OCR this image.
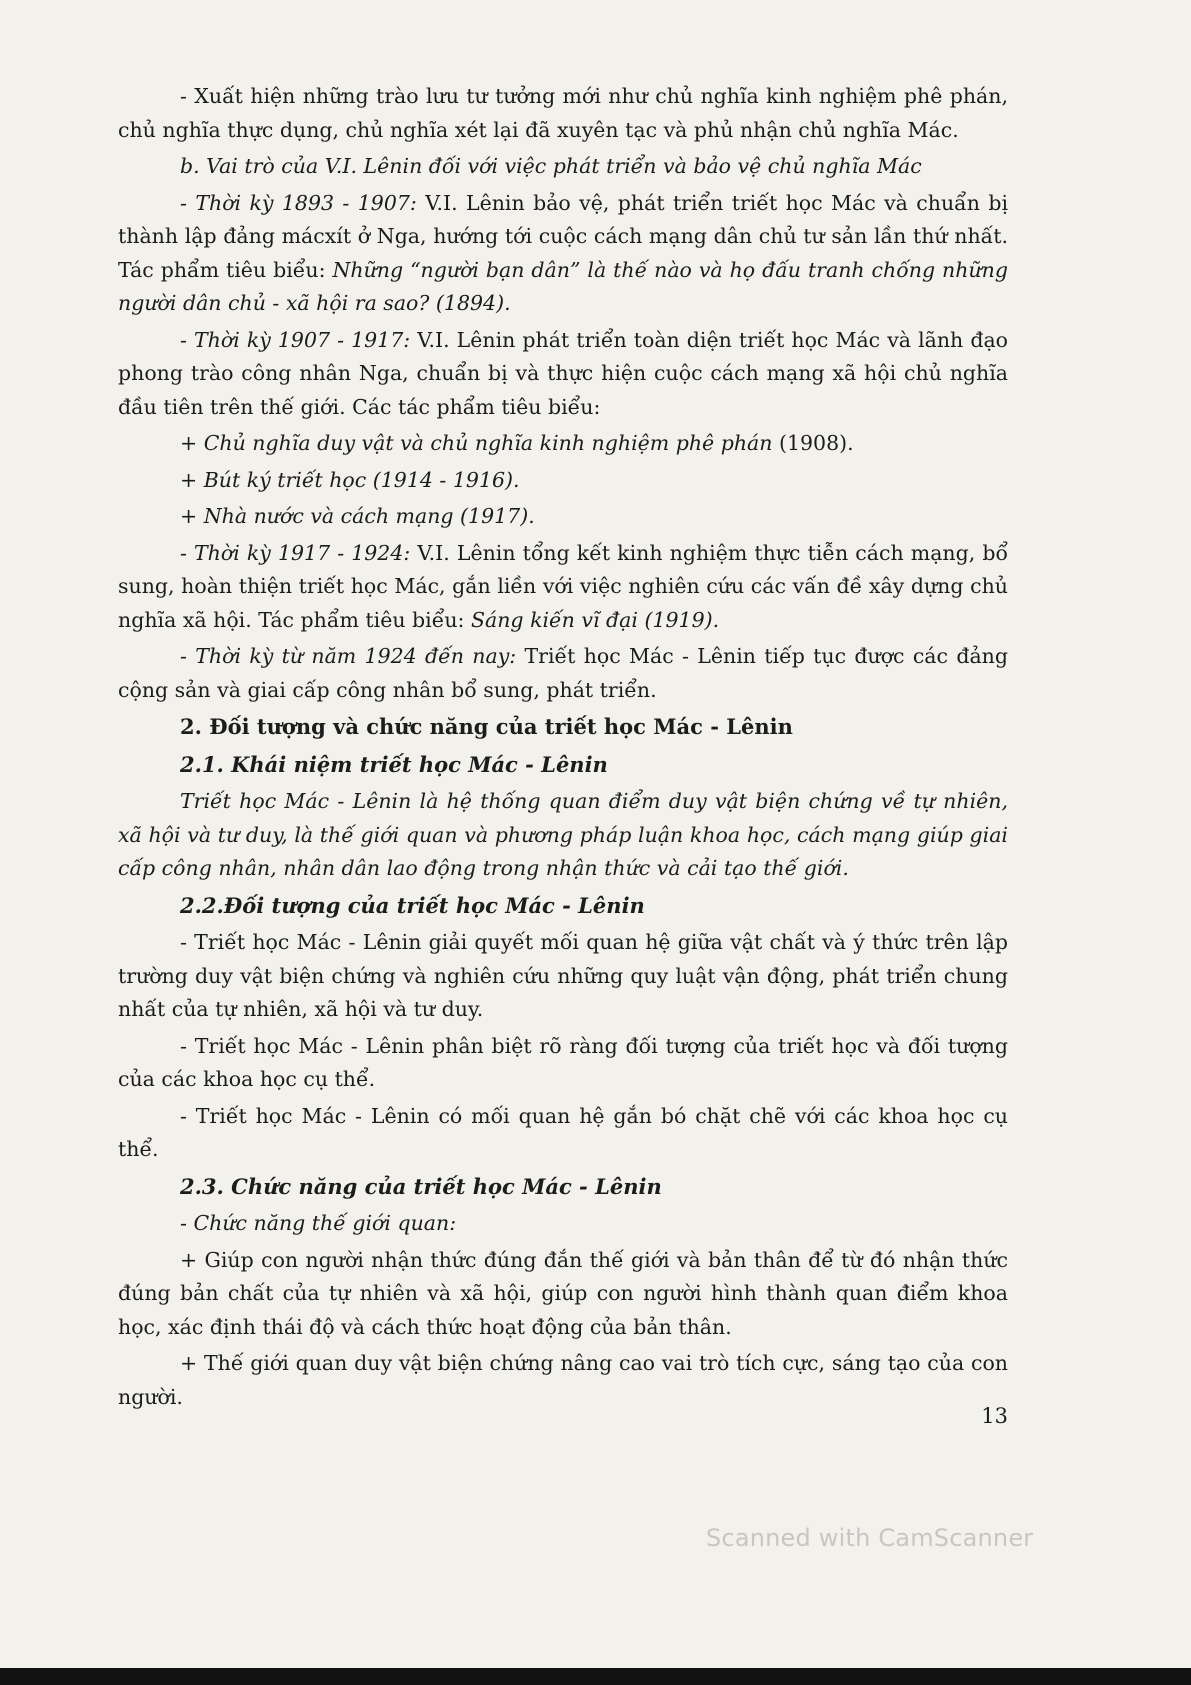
- Xuất hiện những trào lưu tư tưởng mới như chủ nghĩa kinh nghiệm phê phán, chủ nghĩa thực dụng, chủ nghĩa xét lại đã xuyên tạc và phủ nhận chủ nghĩa Mác.

b. Vai trò của V.I. Lênin đối với việc phát triển và bảo vệ chủ nghĩa Mác

- Thời kỳ 1893 - 1907: V.I. Lênin bảo vệ, phát triển triết học Mác và chuẩn bị thành lập đảng mácxít ở Nga, hướng tới cuộc cách mạng dân chủ tư sản lần thứ nhất. Tác phẩm tiêu biểu: Những “người bạn dân” là thế nào và họ đấu tranh chống những người dân chủ - xã hội ra sao? (1894).

- Thời kỳ 1907 - 1917: V.I. Lênin phát triển toàn diện triết học Mác và lãnh đạo phong trào công nhân Nga, chuẩn bị và thực hiện cuộc cách mạng xã hội chủ nghĩa đầu tiên trên thế giới. Các tác phẩm tiêu biểu:

+ Chủ nghĩa duy vật và chủ nghĩa kinh nghiệm phê phán (1908).

+ Bút ký triết học (1914 - 1916).

+ Nhà nước và cách mạng (1917).

- Thời kỳ 1917 - 1924: V.I. Lênin tổng kết kinh nghiệm thực tiễn cách mạng, bổ sung, hoàn thiện triết học Mác, gắn liền với việc nghiên cứu các vấn đề xây dựng chủ nghĩa xã hội. Tác phẩm tiêu biểu: Sáng kiến vĩ đại (1919).

- Thời kỳ từ năm 1924 đến nay: Triết học Mác - Lênin tiếp tục được các đảng cộng sản và giai cấp công nhân bổ sung, phát triển.

2. Đối tượng và chức năng của triết học Mác - Lênin

2.1. Khái niệm triết học Mác - Lênin

Triết học Mác - Lênin là hệ thống quan điểm duy vật biện chứng về tự nhiên, xã hội và tư duy, là thế giới quan và phương pháp luận khoa học, cách mạng giúp giai cấp công nhân, nhân dân lao động trong nhận thức và cải tạo thế giới.

2.2.Đối tượng của triết học Mác - Lênin

- Triết học Mác - Lênin giải quyết mối quan hệ giữa vật chất và ý thức trên lập trường duy vật biện chứng và nghiên cứu những quy luật vận động, phát triển chung nhất của tự nhiên, xã hội và tư duy.

- Triết học Mác - Lênin phân biệt rõ ràng đối tượng của triết học và đối tượng của các khoa học cụ thể.

- Triết học Mác - Lênin có mối quan hệ gắn bó chặt chẽ với các khoa học cụ thể.

2.3. Chức năng của triết học Mác - Lênin

- Chức năng thế giới quan:

+ Giúp con người nhận thức đúng đắn thế giới và bản thân để từ đó nhận thức đúng bản chất của tự nhiên và xã hội, giúp con người hình thành quan điểm khoa học, xác định thái độ và cách thức hoạt động của bản thân.

+ Thế giới quan duy vật biện chứng nâng cao vai trò tích cực, sáng tạo của con người.

13
Scanned with CamScanner
